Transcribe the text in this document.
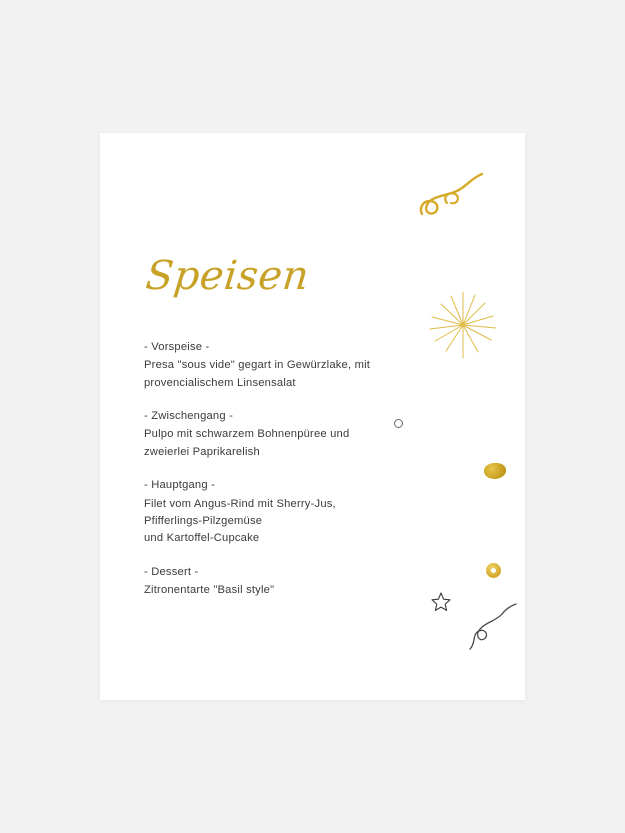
Speisen
- Vorspeise -
Presa "sous vide" gegart in Gewürzlake, mit
provencialischem Linsensalat
- Zwischengang -
Pulpo mit schwarzem Bohnenpüree und
zweierlei Paprikarelish
- Hauptgang -
Filet vom Angus-Rind mit Sherry-Jus,
Pfifferlings-Pilzgemüse
und Kartoffel-Cupcake
- Dessert -
Zitronentarte "Basil style"
